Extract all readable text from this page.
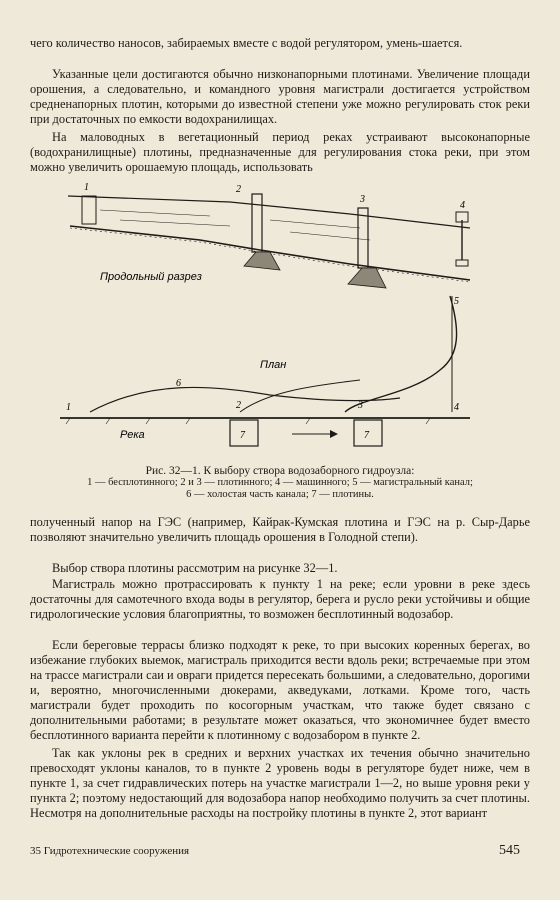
чего количество наносов, забираемых вместе с водой регулятором, умень-шается.

Указанные цели достигаются обычно низконапорными плотинами. Увеличение площади орошения, а следовательно, и командного уровня магистрали достигается устройством средненапорных плотин, которыми до известной степени уже можно регулировать сток реки при достаточных по емкости водохранилищах.

На маловодных в вегетационный период реках устраивают высоконапорные (водохранилищные) плотины, предназначенные для регулирования стока реки, при этом можно увеличить орошаемую площадь, использовать

1	2
3
4
Продольный разрез
1	2	3	4
5
6
План
7	7
Река
Рис. 32—1. К выбору створа водозаборного гидроузла:
1 — бесплотинного; 2 и 3 — плотинного; 4 — машинного; 5 — магистральный канал;
6 — холостая часть канала; 7 — плотины.

полученный напор на ГЭС (например, Кайрак-Кумская плотина и ГЭС на р. Сыр-Дарье позволяют значительно увеличить площадь орошения в Голодной степи).

Выбор створа плотины рассмотрим на рисунке 32—1.

Магистраль можно протрассировать к пункту 1 на реке; если уровни в реке здесь достаточны для самотечного входа воды в регулятор, берега и русло реки устойчивы и общие гидрологические условия благоприятны, то возможен бесплотинный водозабор.

Если береговые террасы близко подходят к реке, то при высоких коренных берегах, во избежание глубоких выемок, магистраль приходится вести вдоль реки; встречаемые при этом на трассе магистрали саи и овраги придется пересекать большими, а следовательно, дорогими и, вероятно, многочисленными дюкерами, акведуками, лотками. Кроме того, часть магистрали будет проходить по косогорным участкам, что также будет связано с дополнительными работами; в результате может оказаться, что экономичнее будет вместо бесплотинного варианта перейти к плотинному с водозабором в пункте 2.

Так как уклоны рек в средних и верхних участках их течения обычно значительно превосходят уклоны каналов, то в пункте 2 уровень воды в регуляторе будет ниже, чем в пункте 1, за счет гидравлических потерь на участке магистрали 1—2, но выше уровня реки у пункта 2; поэтому недостающий для водозабора напор необходимо получить за счет плотины. Несмотря на дополнительные расходы на постройку плотины в пункте 2, этот вариант

35 Гидротехнические сооружения	545
